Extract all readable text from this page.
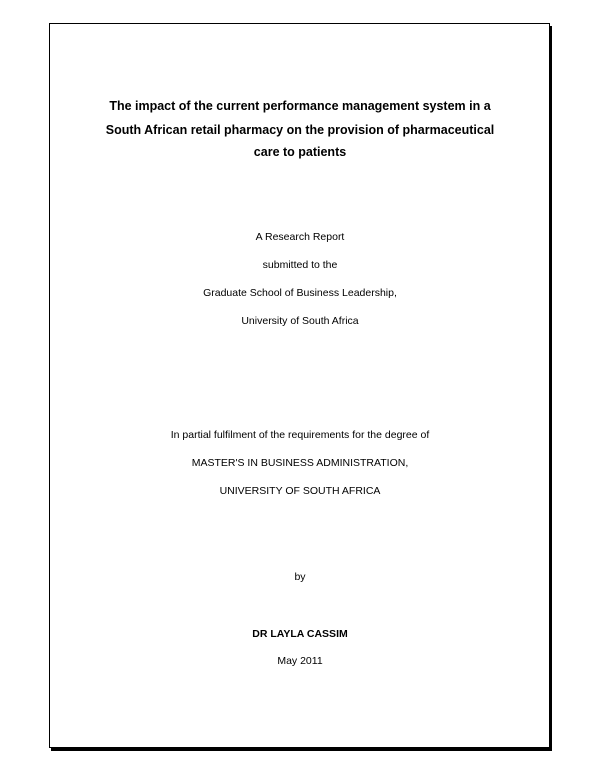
The impact of the current performance management system in a
South African retail pharmacy on the provision of pharmaceutical
care to patients
A Research Report
submitted to the
Graduate School of Business Leadership,
University of South Africa
In partial fulfilment of the requirements for the degree of
MASTER'S IN BUSINESS ADMINISTRATION,
UNIVERSITY OF SOUTH AFRICA
by
DR LAYLA CASSIM
May 2011
